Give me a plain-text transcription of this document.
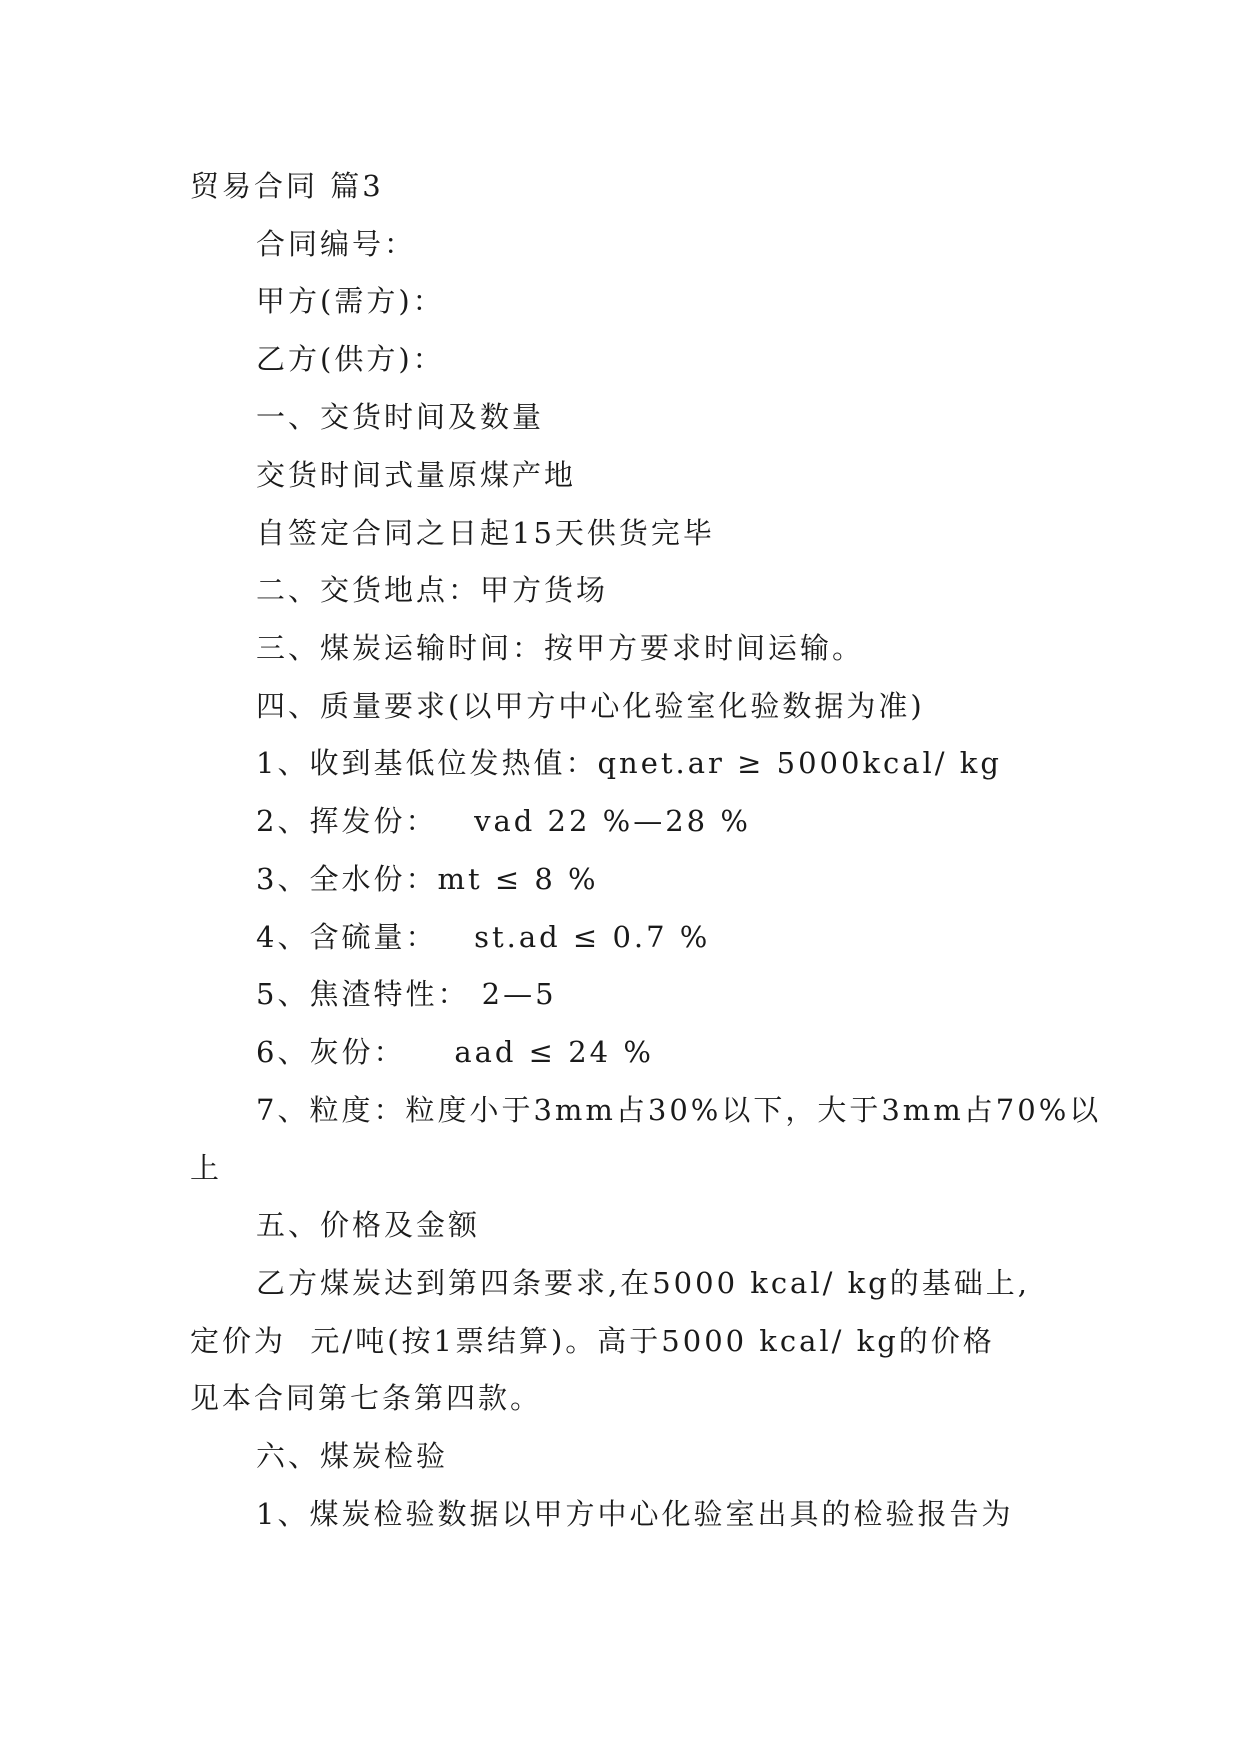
贸易合同 篇3
合同编号：
甲方(需方)：
乙方(供方)：
一、交货时间及数量
交货时间式量原煤产地
自签定合同之日起15天供货完毕
二、交货地点：甲方货场
三、煤炭运输时间：按甲方要求时间运输。
四、质量要求(以甲方中心化验室化验数据为准)
1、收到基低位发热值：qnet.ar ≥ 5000kcal/ kg
2、挥发份：   vad 22 %—28 %
3、全水份：mt ≤ 8 %
4、含硫量：   st.ad ≤ 0.7 %
5、焦渣特性： 2—5
6、灰份：    aad ≤ 24 %
7、粒度：粒度小于3mm占30%以下，大于3mm占70%以
上
五、价格及金额
乙方煤炭达到第四条要求,在5000 kcal/ kg的基础上,
定价为  元/吨(按1票结算)。高于5000 kcal/ kg的价格
见本合同第七条第四款。
六、煤炭检验
1、煤炭检验数据以甲方中心化验室出具的检验报告为
